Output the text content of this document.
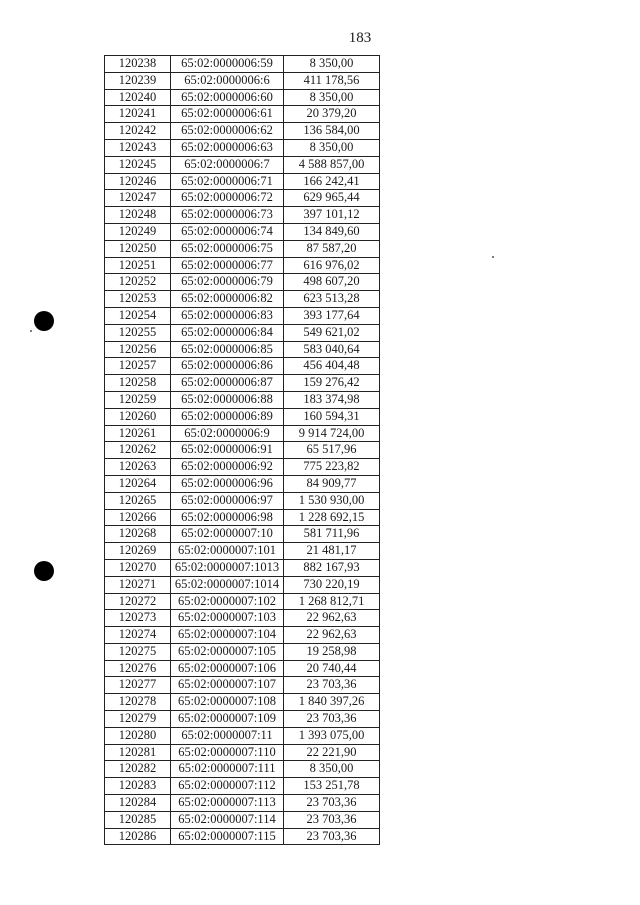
183
120238	65:02:0000006:59	8 350,00
120239	65:02:0000006:6	411 178,56
120240	65:02:0000006:60	8 350,00
120241	65:02:0000006:61	20 379,20
120242	65:02:0000006:62	136 584,00
120243	65:02:0000006:63	8 350,00
120245	65:02:0000006:7	4 588 857,00
120246	65:02:0000006:71	166 242,41
120247	65:02:0000006:72	629 965,44
120248	65:02:0000006:73	397 101,12
120249	65:02:0000006:74	134 849,60
120250	65:02:0000006:75	87 587,20
120251	65:02:0000006:77	616 976,02
120252	65:02:0000006:79	498 607,20
120253	65:02:0000006:82	623 513,28
120254	65:02:0000006:83	393 177,64
120255	65:02:0000006:84	549 621,02
120256	65:02:0000006:85	583 040,64
120257	65:02:0000006:86	456 404,48
120258	65:02:0000006:87	159 276,42
120259	65:02:0000006:88	183 374,98
120260	65:02:0000006:89	160 594,31
120261	65:02:0000006:9	9 914 724,00
120262	65:02:0000006:91	65 517,96
120263	65:02:0000006:92	775 223,82
120264	65:02:0000006:96	84 909,77
120265	65:02:0000006:97	1 530 930,00
120266	65:02:0000006:98	1 228 692,15
120268	65:02:0000007:10	581 711,96
120269	65:02:0000007:101	21 481,17
120270	65:02:0000007:1013	882 167,93
120271	65:02:0000007:1014	730 220,19
120272	65:02:0000007:102	1 268 812,71
120273	65:02:0000007:103	22 962,63
120274	65:02:0000007:104	22 962,63
120275	65:02:0000007:105	19 258,98
120276	65:02:0000007:106	20 740,44
120277	65:02:0000007:107	23 703,36
120278	65:02:0000007:108	1 840 397,26
120279	65:02:0000007:109	23 703,36
120280	65:02:0000007:11	1 393 075,00
120281	65:02:0000007:110	22 221,90
120282	65:02:0000007:111	8 350,00
120283	65:02:0000007:112	153 251,78
120284	65:02:0000007:113	23 703,36
120285	65:02:0000007:114	23 703,36
120286	65:02:0000007:115	23 703,36
